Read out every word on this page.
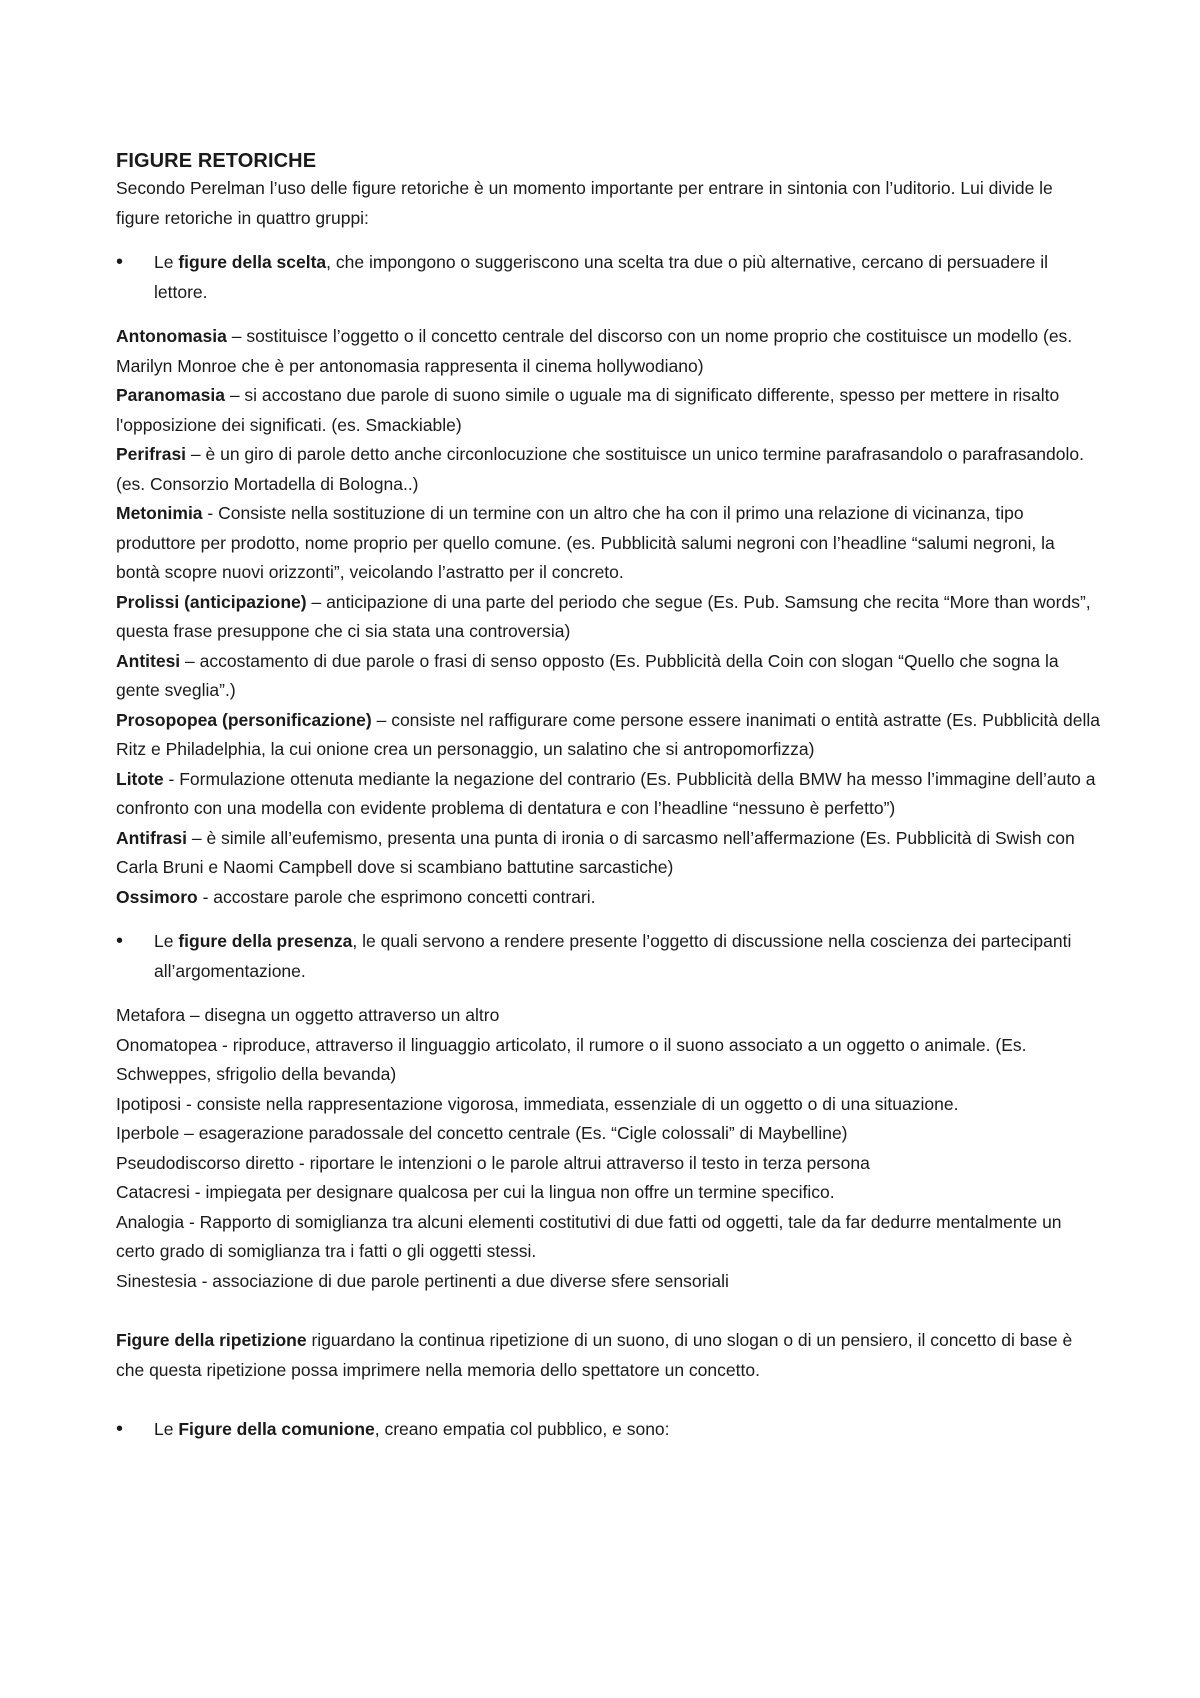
FIGURE RETORICHE

Secondo Perelman l’uso delle figure retoriche è un momento importante per entrare in sintonia con l’uditorio. Lui divide le figure retoriche in quattro gruppi:

•	Le figure della scelta, che impongono o suggeriscono una scelta tra due o più alternative, cercano di persuadere il lettore.

Antonomasia – sostituisce l’oggetto o il concetto centrale del discorso con un nome proprio che costituisce un modello (es. Marilyn Monroe che è per antonomasia rappresenta il cinema hollywodiano)

Paranomasia – si accostano due parole di suono simile o uguale ma di significato differente, spesso per mettere in risalto l'opposizione dei significati. (es. Smackiable)

Perifrasi – è un giro di parole detto anche circonlocuzione che sostituisce un unico termine parafrasandolo o parafrasandolo. (es. Consorzio Mortadella di Bologna..)

Metonimia - Consiste nella sostituzione di un termine con un altro che ha con il primo una relazione di vicinanza, tipo produttore per prodotto, nome proprio per quello comune. (es. Pubblicità salumi negroni con l’headline “salumi negroni, la bontà scopre nuovi orizzonti”, veicolando l’astratto per il concreto.

Prolissi (anticipazione) – anticipazione di una parte del periodo che segue (Es. Pub. Samsung che recita “More than words”, questa frase presuppone che ci sia stata una controversia)

Antitesi – accostamento di due parole o frasi di senso opposto (Es. Pubblicità della Coin con slogan “Quello che sogna la gente sveglia”.)

Prosopopea (personificazione) – consiste nel raffigurare come persone essere inanimati o entità astratte (Es. Pubblicità della Ritz e Philadelphia, la cui onione crea un personaggio, un salatino che si antropomorfizza)

Litote - Formulazione ottenuta mediante la negazione del contrario (Es. Pubblicità della BMW ha messo l’immagine dell’auto a confronto con una modella con evidente problema di dentatura e con l’headline “nessuno è perfetto”)

Antifrasi – è simile all’eufemismo, presenta una punta di ironia o di sarcasmo nell’affermazione (Es. Pubblicità di Swish con Carla Bruni e Naomi Campbell dove si scambiano battutine sarcastiche)

Ossimoro - accostare parole che esprimono concetti contrari.

•	Le figure della presenza, le quali servono a rendere presente l’oggetto di discussione nella coscienza dei partecipanti all’argomentazione.

Metafora – disegna un oggetto attraverso un altro

Onomatopea - riproduce, attraverso il linguaggio articolato, il rumore o il suono associato a un oggetto o animale. (Es. Schweppes, sfrigolio della bevanda)

Ipotiposi - consiste nella rappresentazione vigorosa, immediata, essenziale di un oggetto o di una situazione.

Iperbole – esagerazione paradossale del concetto centrale (Es. “Cigle colossali” di Maybelline)

Pseudodiscorso diretto - riportare le intenzioni o le parole altrui attraverso il testo in terza persona

Catacresi - impiegata per designare qualcosa per cui la lingua non offre un termine specifico.

Analogia - Rapporto di somiglianza tra alcuni elementi costitutivi di due fatti od oggetti, tale da far dedurre mentalmente un certo grado di somiglianza tra i fatti o gli oggetti stessi.

Sinestesia - associazione di due parole pertinenti a due diverse sfere sensoriali

Figure della ripetizione riguardano la continua ripetizione di un suono, di uno slogan o di un pensiero, il concetto di base è che questa ripetizione possa imprimere nella memoria dello spettatore un concetto.

•	Le Figure della comunione, creano empatia col pubblico, e sono:
